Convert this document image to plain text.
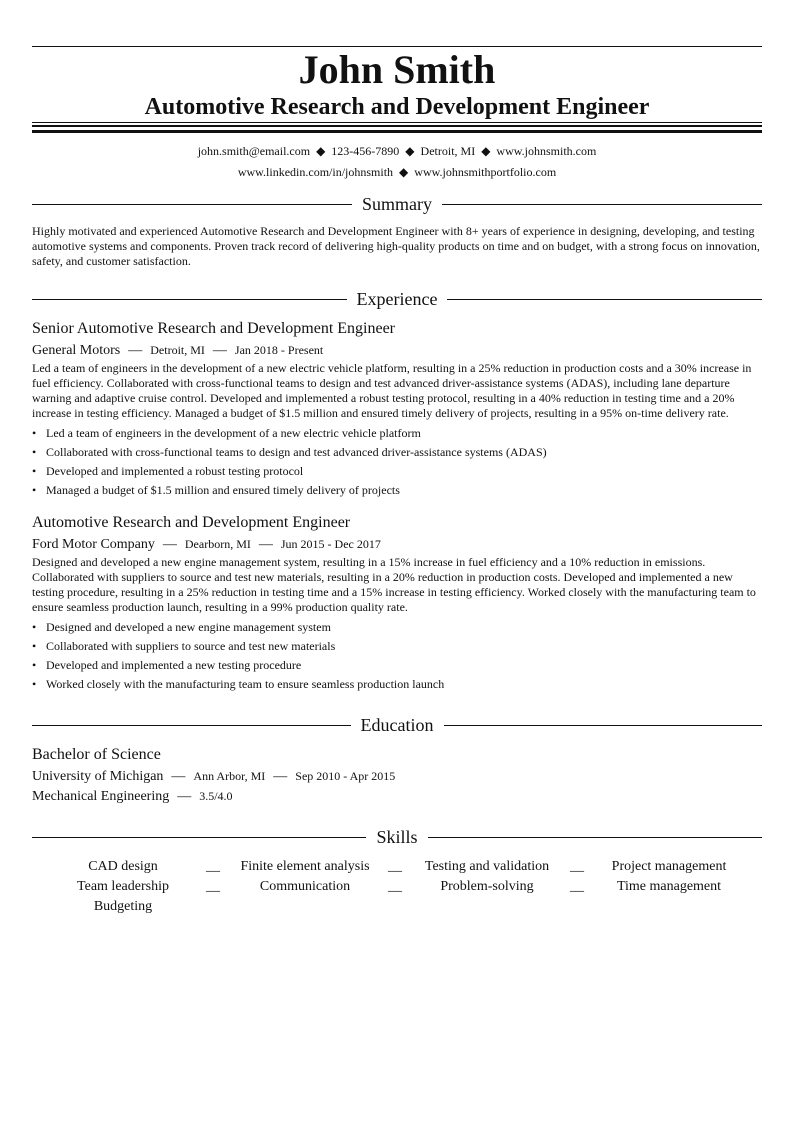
John Smith
Automotive Research and Development Engineer
john.smith@email.com ◆ 123-456-7890 ◆ Detroit, MI ◆ www.johnsmith.com
www.linkedin.com/in/johnsmith ◆ www.johnsmithportfolio.com
Summary
Highly motivated and experienced Automotive Research and Development Engineer with 8+ years of experience in designing, developing, and testing automotive systems and components. Proven track record of delivering high-quality products on time and on budget, with a strong focus on innovation, safety, and customer satisfaction.
Experience
Senior Automotive Research and Development Engineer
General Motors — Detroit, MI — Jan 2018 - Present
Led a team of engineers in the development of a new electric vehicle platform, resulting in a 25% reduction in production costs and a 30% increase in fuel efficiency. Collaborated with cross-functional teams to design and test advanced driver-assistance systems (ADAS), including lane departure warning and adaptive cruise control. Developed and implemented a robust testing protocol, resulting in a 40% reduction in testing time and a 20% increase in testing efficiency. Managed a budget of $1.5 million and ensured timely delivery of projects, resulting in a 95% on-time delivery rate.
• Led a team of engineers in the development of a new electric vehicle platform
• Collaborated with cross-functional teams to design and test advanced driver-assistance systems (ADAS)
• Developed and implemented a robust testing protocol
• Managed a budget of $1.5 million and ensured timely delivery of projects
Automotive Research and Development Engineer
Ford Motor Company — Dearborn, MI — Jun 2015 - Dec 2017
Designed and developed a new engine management system, resulting in a 15% increase in fuel efficiency and a 10% reduction in emissions. Collaborated with suppliers to source and test new materials, resulting in a 20% reduction in production costs. Developed and implemented a new testing procedure, resulting in a 25% reduction in testing time and a 15% increase in testing efficiency. Worked closely with the manufacturing team to ensure seamless production launch, resulting in a 99% production quality rate.
• Designed and developed a new engine management system
• Collaborated with suppliers to source and test new materials
• Developed and implemented a new testing procedure
• Worked closely with the manufacturing team to ensure seamless production launch
Education
Bachelor of Science
University of Michigan — Ann Arbor, MI — Sep 2010 - Apr 2015
Mechanical Engineering — 3.5/4.0
Skills
CAD design	__	Finite element analysis	__	Testing and validation	__	Project management
Team leadership	__	Communication	__	Problem-solving	__	Time management
Budgeting
